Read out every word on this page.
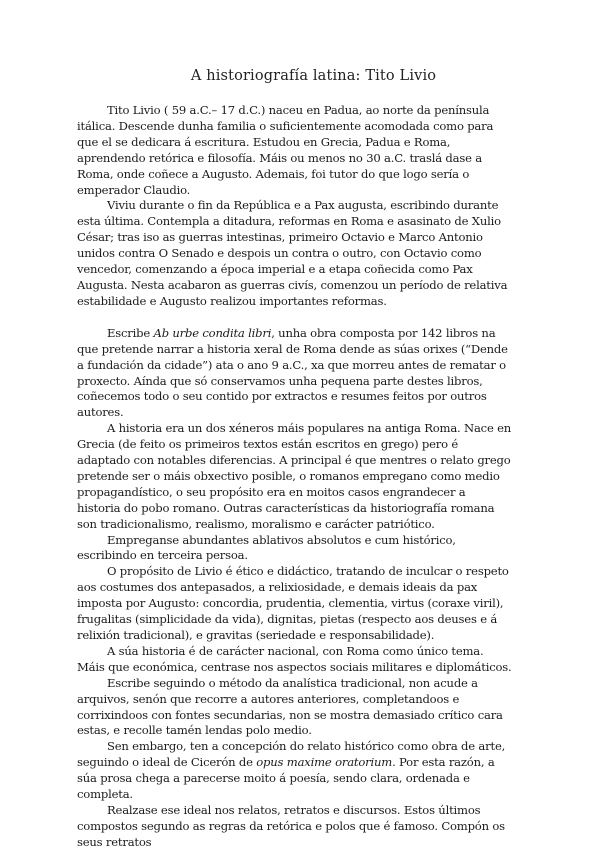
A historiografía latina: Tito Livio

Tito Livio ( 59 a.C.– 17 d.C.) naceu en Padua, ao norte da península itálica. Descende dunha familia o suficientemente acomodada como para que el se dedicara á escritura. Estudou en Grecia, Padua e Roma, aprendendo retórica e filosofía. Máis ou menos no 30 a.C. traslá dase a Roma, onde coñece a Augusto. Ademais, foi tutor do que logo sería o emperador Claudio.

Viviu durante o fin da República e a Pax augusta, escribindo durante esta última. Contempla a ditadura, reformas en Roma e asasinato de Xulio César; tras iso as guerras intestinas, primeiro Octavio e Marco Antonio unidos contra O Senado e despois un contra o outro, con Octavio como vencedor, comenzando a época imperial e a etapa coñecida como Pax Augusta. Nesta acabaron as guerras civís, comenzou un período de relativa estabilidade e Augusto realizou importantes reformas.

Escribe Ab urbe condita libri, unha obra composta por 142 libros na que pretende narrar a historia xeral de Roma dende as súas orixes (“Dende a fundación da cidade”) ata o ano 9 a.C., xa que morreu antes de rematar o proxecto. Aínda que só conservamos unha pequena parte destes libros, coñecemos todo o seu contido por extractos e resumes feitos por outros autores.

A historia era un dos xéneros máis populares na antiga Roma. Nace en Grecia (de feito os primeiros textos están escritos en grego) pero é adaptado con notables diferencias. A principal é que mentres o relato grego pretende ser o máis obxectivo posible, o romanos empregano como medio propagandístico, o seu propósito era en moitos casos engrandecer a historia do pobo romano. Outras características da historiografía romana son tradicionalismo, realismo, moralismo e carácter patriótico.

Empreganse abundantes ablativos absolutos e cum histórico, escribindo en terceira persoa.

O propósito de Livio é ético e didáctico, tratando de inculcar o respeto aos costumes dos antepasados, a relixiosidade, e demais ideais da pax imposta por Augusto: concordia, prudentia, clementia, virtus (coraxe viril), frugalitas (simplicidade da vida), dignitas, pietas (respecto aos deuses e á relixión tradicional), e gravitas (seriedade e responsabilidade).

A súa historia é de carácter nacional, con Roma como único tema. Máis que económica, centrase nos aspectos sociais militares e diplomáticos.

Escribe seguindo o método da analística tradicional, non acude a arquivos, senón que recorre a autores anteriores, completandoos e corrixindoos con fontes secundarias, non se mostra demasiado crítico cara estas, e recolle tamén lendas polo medio.

Sen embargo, ten a concepción do relato histórico como obra de arte, seguindo o ideal de Cicerón de opus maxime oratorium. Por esta razón, a súa prosa chega a parecerse moito á poesía, sendo clara, ordenada e completa.

Realzase ese ideal nos relatos, retratos e discursos. Estos últimos compostos segundo as regras da retórica e polos que é famoso. Compón os seus retratos
